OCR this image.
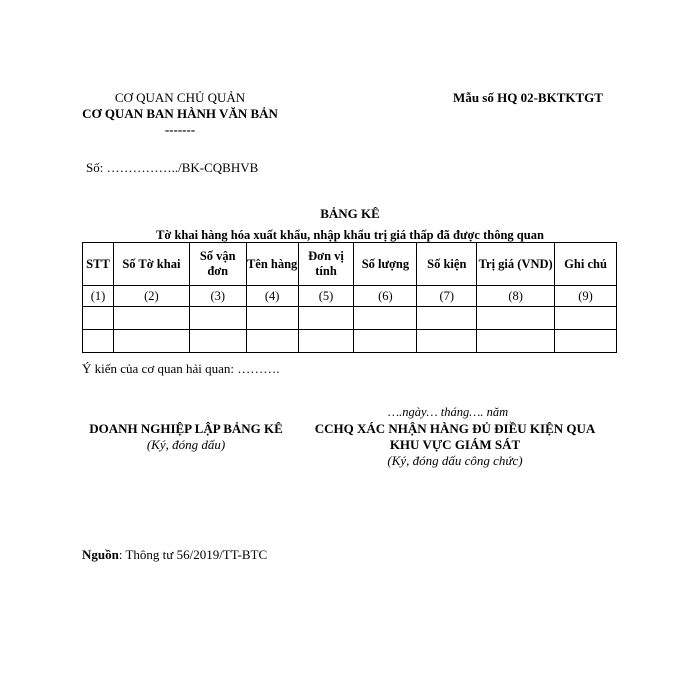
CƠ QUAN CHỦ QUẢN
CƠ QUAN BAN HÀNH VĂN BẢN
-------
Mẫu số HQ 02-BKTKTGT
Số: ……………../BK-CQBHVB
BẢNG KÊ
Tờ khai hàng hóa xuất khẩu, nhập khẩu trị giá thấp đã được thông quan
STT	Số Tờ khai	Số vận đơn	Tên hàng	Đơn vị tính	Số lượng	Số kiện	Trị giá (VND)	Ghi chú
(1)	(2)	(3)	(4)	(5)	(6)	(7)	(8)	(9)

Ý kiến của cơ quan hải quan: ……….
….ngày… tháng…. năm
DOANH NGHIỆP LẬP BẢNG KÊ
(Ký, đóng dấu)
CCHQ XÁC NHẬN HÀNG ĐỦ ĐIỀU KIỆN QUA KHU VỰC GIÁM SÁT
(Ký, đóng dấu công chức)
Nguồn: Thông tư 56/2019/TT-BTC
